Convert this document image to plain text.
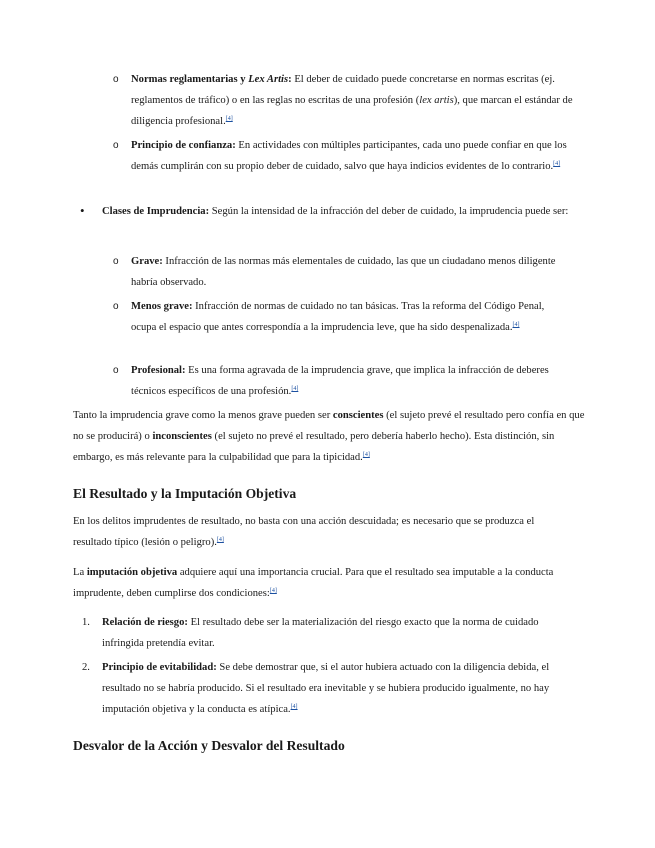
o Normas reglamentarias y Lex Artis: El deber de cuidado puede concretarse en normas escritas (ej. reglamentos de tráfico) o en las reglas no escritas de una profesión (lex artis), que marcan el estándar de diligencia profesional.[4]

o Principio de confianza: En actividades con múltiples participantes, cada uno puede confiar en que los demás cumplirán con su propio deber de cuidado, salvo que haya indicios evidentes de lo contrario.[4]

• Clases de Imprudencia: Según la intensidad de la infracción del deber de cuidado, la imprudencia puede ser:

o Grave: Infracción de las normas más elementales de cuidado, las que un ciudadano menos diligente habría observado.

o Menos grave: Infracción de normas de cuidado no tan básicas. Tras la reforma del Código Penal, ocupa el espacio que antes correspondía a la imprudencia leve, que ha sido despenalizada.[4]

o Profesional: Es una forma agravada de la imprudencia grave, que implica la infracción de deberes técnicos específicos de una profesión.[4]

Tanto la imprudencia grave como la menos grave pueden ser conscientes (el sujeto prevé el resultado pero confía en que no se producirá) o inconscientes (el sujeto no prevé el resultado, pero debería haberlo hecho). Esta distinción, sin embargo, es más relevante para la culpabilidad que para la tipicidad.[4]

El Resultado y la Imputación Objetiva

En los delitos imprudentes de resultado, no basta con una acción descuidada; es necesario que se produzca el resultado típico (lesión o peligro).[4]

La imputación objetiva adquiere aquí una importancia crucial. Para que el resultado sea imputable a la conducta imprudente, deben cumplirse dos condiciones:[4]

1. Relación de riesgo: El resultado debe ser la materialización del riesgo exacto que la norma de cuidado infringida pretendía evitar.

2. Principio de evitabilidad: Se debe demostrar que, si el autor hubiera actuado con la diligencia debida, el resultado no se habría producido. Si el resultado era inevitable y se hubiera producido igualmente, no hay imputación objetiva y la conducta es atípica.[4]

Desvalor de la Acción y Desvalor del Resultado
